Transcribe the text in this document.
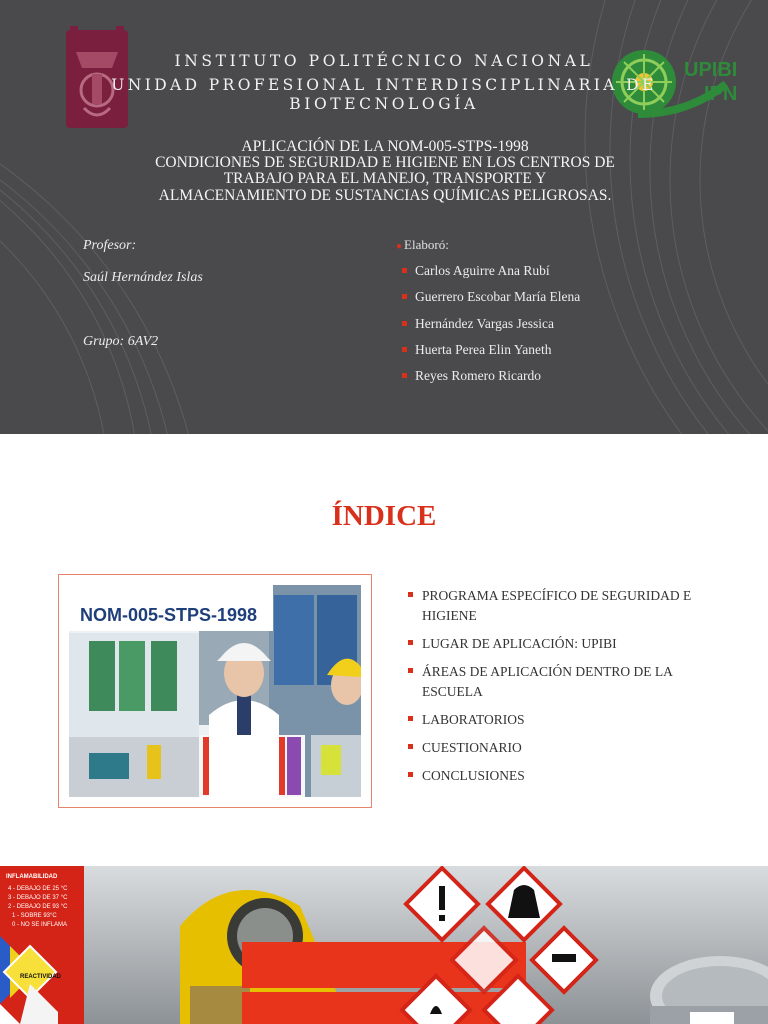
UPIBI
IPN
INSTITUTO POLITÉCNICO NACIONAL
UNIDAD PROFESIONAL INTERDISCIPLINARIA DE
BIOTECNOLOGÍA
APLICACIÓN DE LA NOM-005-STPS-1998
CONDICIONES DE SEGURIDAD E HIGIENE EN LOS CENTROS DE
TRABAJO PARA EL MANEJO, TRANSPORTE Y
ALMACENAMIENTO DE SUSTANCIAS QUÍMICAS PELIGROSAS.
Profesor:
Saúl Hernández Islas
Grupo: 6AV2
● Elaboró:
Carlos Aguirre Ana Rubí
Guerrero Escobar María Elena
Hernández Vargas Jessica
Huerta Perea Elin Yaneth
Reyes Romero Ricardo
ÍNDICE
NOM-005-STPS-1998
PROGRAMA ESPECÍFICO DE SEGURIDAD E HIGIENE
LUGAR DE APLICACIÓN: UPIBI
ÁREAS DE APLICACIÓN DENTRO DE LA ESCUELA
LABORATORIOS
CUESTIONARIO
CONCLUSIONES
INFLAMABILIDAD
4 - DEBAJO DE 25 °C
3 - DEBAJO DE 37 °C
2 - DEBAJO DE 93 °C
1 - SOBRE 93°C
0 - NO SE INFLAMA
REACTIVIDAD
